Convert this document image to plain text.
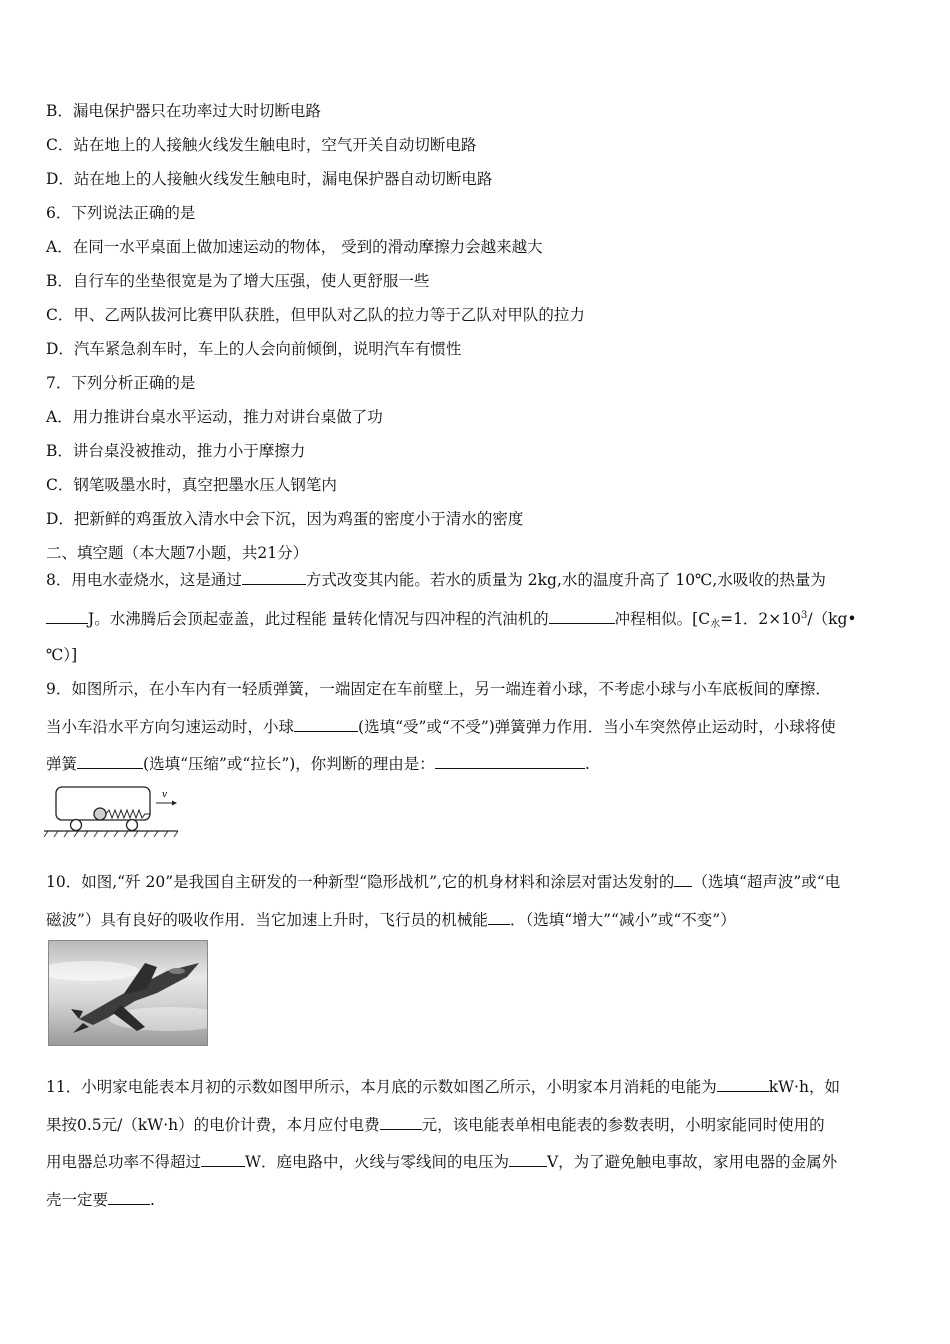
B．漏电保护器只在功率过大时切断电路
C．站在地上的人接触火线发生触电时，空气开关自动切断电路
D．站在地上的人接触火线发生触电时，漏电保护器自动切断电路
6．下列说法正确的是
A．在同一水平桌面上做加速运动的物体， 受到的滑动摩擦力会越来越大
B．自行车的坐垫很宽是为了增大压强，使人更舒服一些
C．甲、乙两队拔河比赛甲队获胜，但甲队对乙队的拉力等于乙队对甲队的拉力
D．汽车紧急刹车时，车上的人会向前倾倒，说明汽车有惯性
7．下列分析正确的是
A．用力推讲台桌水平运动，推力对讲台桌做了功
B．讲台桌没被推动，推力小于摩擦力
C．钢笔吸墨水时，真空把墨水压人钢笔内
D．把新鲜的鸡蛋放入清水中会下沉，因为鸡蛋的密度小于清水的密度
二、填空题（本大题7小题，共21分）
8．用电水壶烧水，这是通过	方式改变其内能。若水的质量为 2kg,水的温度升高了 10℃,水吸收的热量为
J。水沸腾后会顶起壶盖，此过程能 量转化情况与四冲程的汽油机的	冲程相似。[C水=1．$2\times 10^3/(kg•$
℃）]
9．如图所示，在小车内有一轻质弹簧，一端固定在车前壁上，另一端连着小球，不考虑小球与小车底板间的摩擦．
当小车沿水平方向匀速运动时，小球	(选填“受”或“不受”)弹簧弹力作用．当小车突然停止运动时，小球将使
弹簧	(选填“压缩”或“拉长”)，你判断的理由是：	.
v
10．如图,“歼 20”是我国自主研发的一种新型“隐形战机”,它的机身材料和涂层对雷达发射的 （选填“超声波”或“电
磁波”）具有良好的吸收作用．当它加速上升时，飞行员的机械能 ．（选填“增大”“减小”或“不变”）
11．小明家电能表本月初的示数如图甲所示，本月底的示数如图乙所示，小明家本月消耗的电能为	kW·h，如
果按0.5元/（kW·h）的电价计费，本月应付电费	元，该电能表单相电能表的参数表明，小明家能同时使用的
用电器总功率不得超过	W．庭电路中，火线与零线间的电压为 V，为了避免触电事故，家用电器的金属外
壳一定要	.
